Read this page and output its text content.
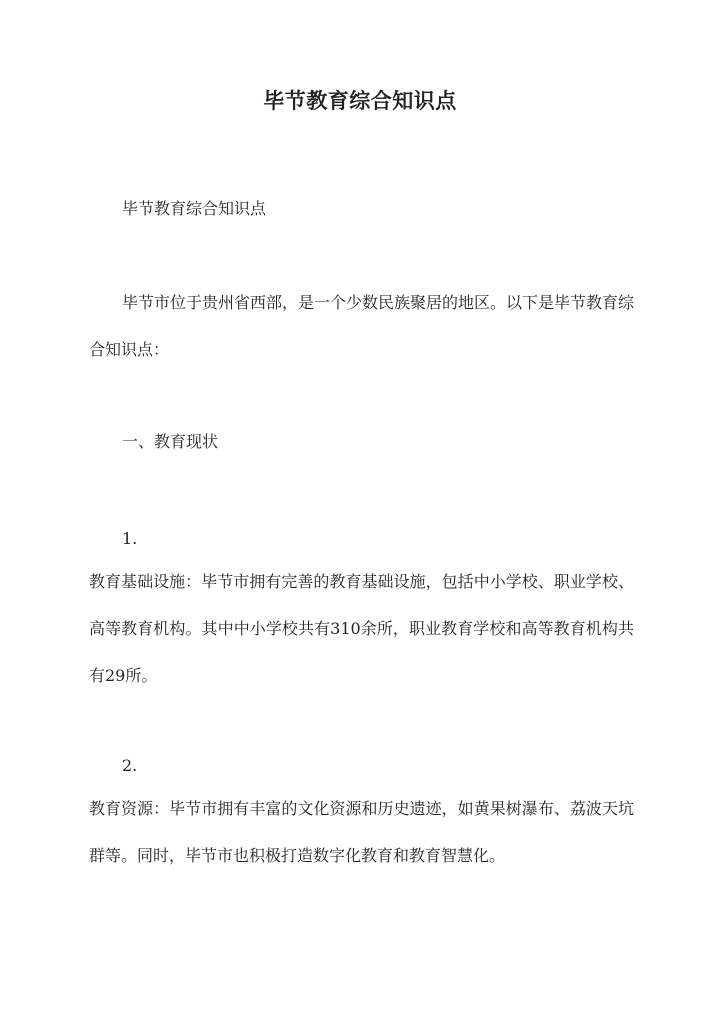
毕节教育综合知识点

毕节教育综合知识点

毕节市位于贵州省西部，是一个少数民族聚居的地区。以下是毕节教育综合知识点：

一、教育现状

1.

教育基础设施：毕节市拥有完善的教育基础设施，包括中小学校、职业学校、高等教育机构。其中中小学校共有310余所，职业教育学校和高等教育机构共有29所。

2.

教育资源：毕节市拥有丰富的文化资源和历史遗迹，如黄果树瀑布、荔波天坑群等。同时，毕节市也积极打造数字化教育和教育智慧化。
